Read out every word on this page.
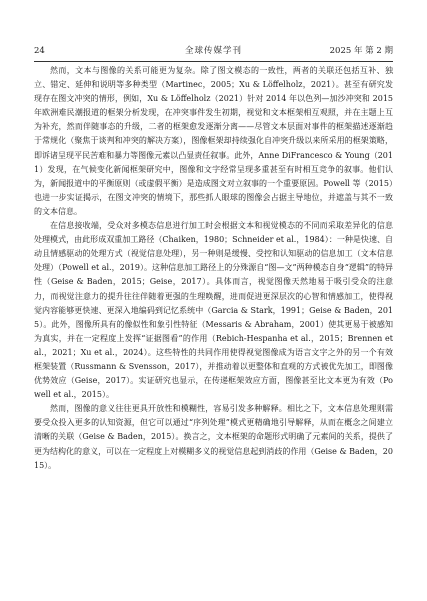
24	全球传媒学刊	2025 年 第 2 期

然而，文本与图像的关系可能更为复杂。除了图文模态的一致性，两者的关联还包括互补、独立、错定、延伸和说明等多种类型（Martinec，2005；Xu & Löffelholz，2021）。甚至有研究发现存在图文冲突的情形，例如，Xu & Löffelholz（2021）针对 2014 年以色列—加沙冲突和 2015 年欧洲难民潮报道的框架分析发现，在冲突事件发生初期，视觉和文本框架相互观照，并在主题上互为补充，然而伴随事态的升级，二者的框架愈发逐渐分离——尽管文本层面对事件的框架描述逐渐趋于常规化（聚焦于谈判和冲突的解决方案），图像框架却持续强化自冲突升级以来所采用的框架策略，即诉诸呈现平民苦难和暴力等图像元素以凸显责任叙事。此外，Anne DiFrancesco & Young（2011）发现，在气候变化新闻框架研究中，图像和文字经常呈现多重甚至有时相互竞争的叙事。他们认为，新闻报道中的平衡原则（或虚假平衡）是造成图文对立叙事的一个重要原因。Powell 等（2015）也进一步实证揭示，在图文冲突的情境下，那些抓人眼球的图像会占据主导地位，并遮盖与其不一致的文本信息。

在信息接收端，受众对多模态信息进行加工时会根据文本和视觉模态的不同而采取差异化的信息处理模式，由此形成双重加工路径（Chaiken，1980；Schneider et al.，1984）：一种是快速、自动且情感驱动的处理方式（视觉信息处理），另一种则是缓慢、受控和认知驱动的信息加工（文本信息处理）（Powell et al.，2019）。这种信息加工路径上的分殊源自“图—文”两种模态自身“逻辑”的特异性（Geise & Baden，2015；Geise，2017）。具体而言，视觉图像天然地易于吸引受众的注意力，而视觉注意力的提升往往伴随着更强的生理唤醒，进而促进更深层次的心智和情感加工，使得视觉内容能够更快速、更深入地编码到记忆系统中（Garcia & Stark，1991；Geise & Baden，2015）。此外，图像所具有的像似性和象引性特征（Messaris & Abraham，2001）使其更易于被感知为真实，并在一定程度上发挥“证据图看”的作用（Rebich-Hespanha et al.，2015；Brennen et al.，2021；Xu et al.，2024）。这些特性的共同作用使得视觉图像成为语言文字之外的另一个有效框架装置（Russmann & Svensson，2017），并推动着以更整体和直观的方式被优先加工，即图像优势效应（Geise，2017）。实证研究也显示，在传递框架效应方面，图像甚至比文本更为有效（Powell et al.，2015）。

然而，图像的意义往往更具开放性和模糊性，容易引发多种解释。相比之下，文本信息处理则需要受众投入更多的认知资源，但它可以通过“序列处理”模式更精确地引导解释，从而在概念之间建立清晰的关联（Geise & Baden，2015）。换言之，文本框架的命题形式明确了元素间的关系，提供了更为结构化的意义，可以在一定程度上对模糊多义的视觉信息起到消歧的作用（Geise & Baden，2015）。
